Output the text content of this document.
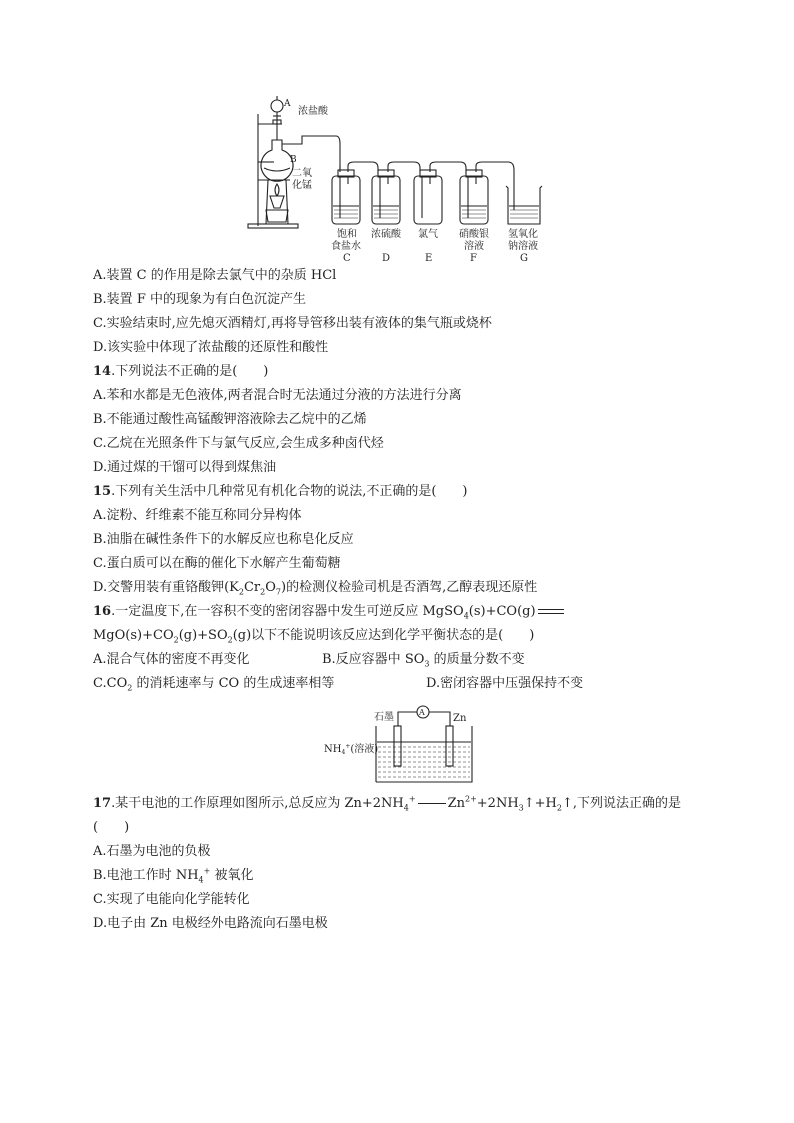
A
浓盐酸
B
二氧
化锰
饱和
食盐水
C
浓硫酸
D
氯气
E
硝酸银
溶液
F
氢氧化
钠溶液
G
A.装置 C 的作用是除去氯气中的杂质 HCl
B.装置 F 中的现象为有白色沉淀产生
C.实验结束时,应先熄灭酒精灯,再将导管移出装有液体的集气瓶或烧杯
D.该实验中体现了浓盐酸的还原性和酸性
14.下列说法不正确的是(　　)
A.苯和水都是无色液体,两者混合时无法通过分液的方法进行分离
B.不能通过酸性高锰酸钾溶液除去乙烷中的乙烯
C.乙烷在光照条件下与氯气反应,会生成多种卤代烃
D.通过煤的干馏可以得到煤焦油
15.下列有关生活中几种常见有机化合物的说法,不正确的是(　　)
A.淀粉、纤维素不能互称同分异构体
B.油脂在碱性条件下的水解反应也称皂化反应
C.蛋白质可以在酶的催化下水解产生葡萄糖
D.交警用装有重铬酸钾$(K_2Cr_2O_7)$的检测仪检验司机是否酒驾,乙醇表现还原性
16.一定温度下,在一容积不变的密闭容器中发生可逆反应 MgSO$_4$(s)+CO(g)
$MgO(s)+CO_2(g)+SO_2(g)$以下不能说明该反应达到化学平衡状态的是(　　)
A.混合气体的密度不再变化	B.反应容器中 $SO_3$ 的质量分数不变
$C.CO_2$ 的消耗速率与 CO 的生成速率相等	D.密闭容器中压强保持不变
石墨	A
Zn
$NH_4^+$(溶液)
17.某干电池的工作原理如图所示,总反应为 $Zn+2NH_4^+$ $Zn^{2+}+2NH_3↑+H_2↑$,下列说法正确的是
(　　)
A.石墨为电池的负极
B.电池工作时 $NH_4^+$ 被氧化
C.实现了电能向化学能转化
D.电子由 Zn 电极经外电路流向石墨电极
